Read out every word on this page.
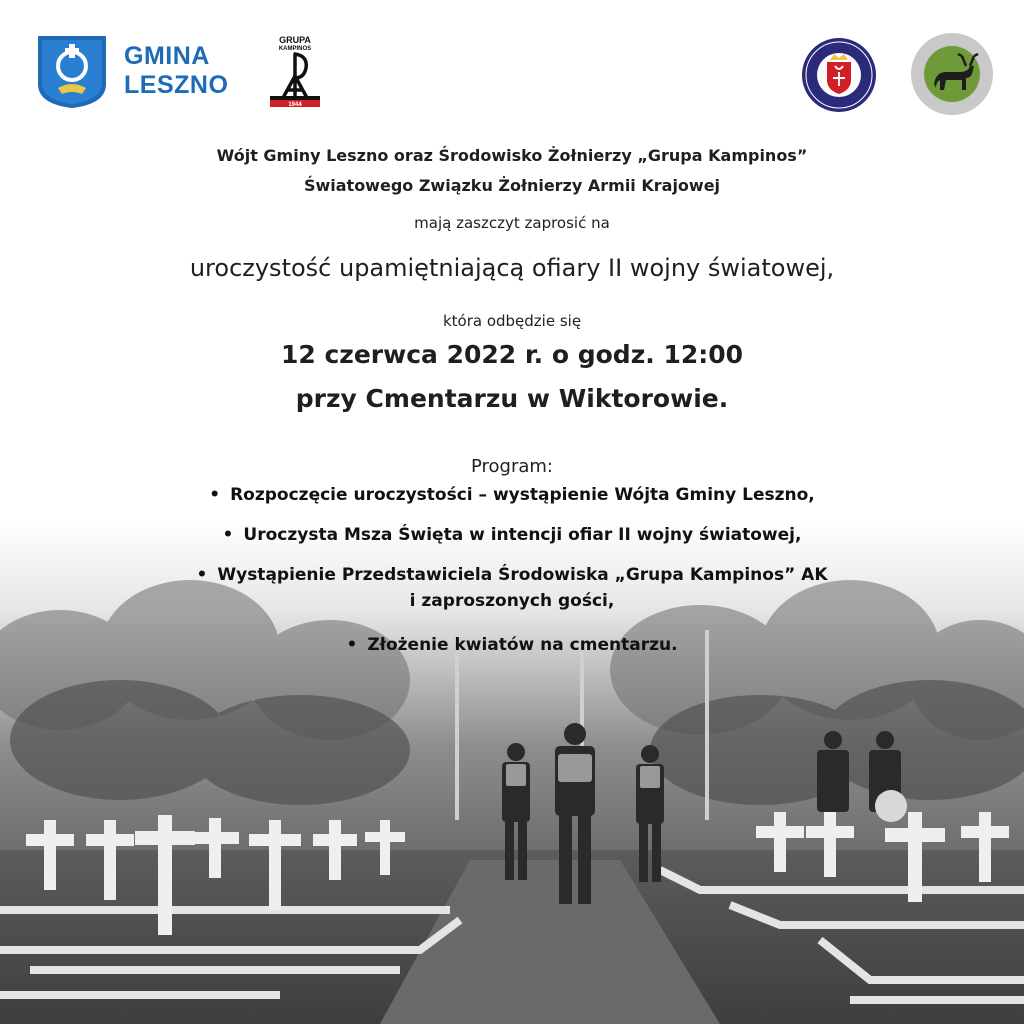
GMINA
LESZNO
GRUPA
KAMPINOS
1944
Wójt Gminy Leszno oraz Środowisko Żołnierzy „Grupa Kampinos”
Światowego Związku Żołnierzy Armii Krajowej
mają zaszczyt zaprosić na
uroczystość upamiętniającą ofiary II wojny światowej,
która odbędzie się
12 czerwca 2022 r. o godz. 12:00
przy Cmentarzu w Wiktorowie.
Program:
• Rozpoczęcie uroczystości – wystąpienie Wójta Gminy Leszno,
• Uroczysta Msza Święta w intencji ofiar II wojny światowej,
• Wystąpienie Przedstawiciela Środowiska „Grupa Kampinos” AK
i zaproszonych gości,
• Złożenie kwiatów na cmentarzu.
